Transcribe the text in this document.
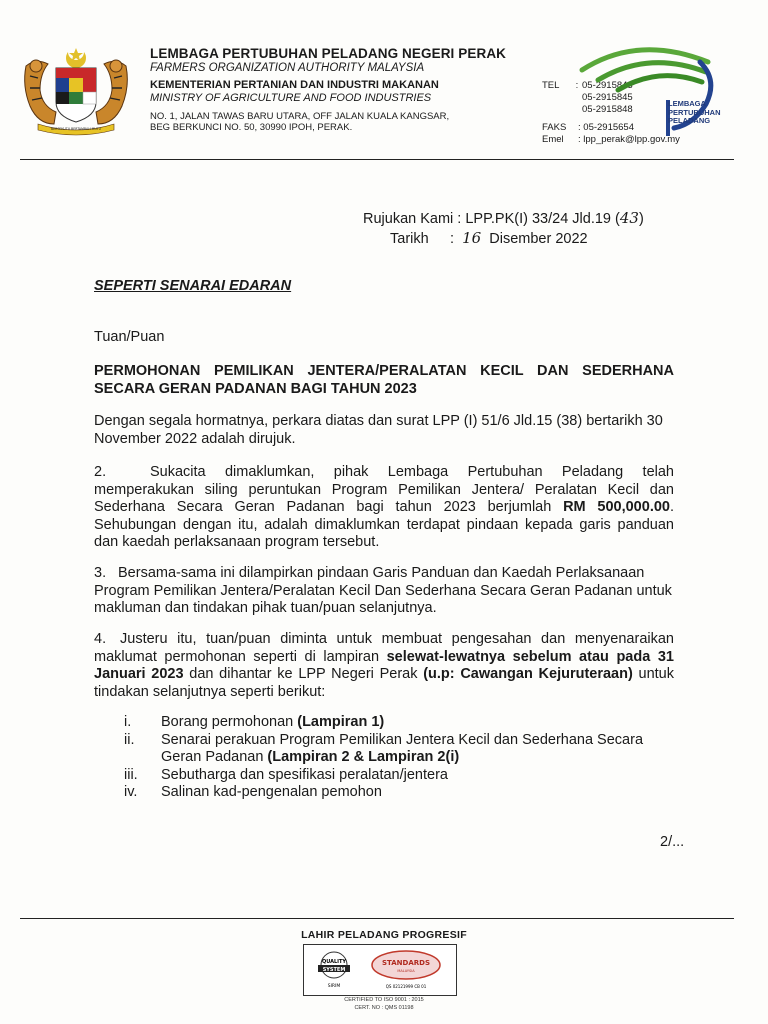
BERSEKUTU BERTAMBAH MUTU
LEMBAGA PERTUBUHAN PELADANG NEGERI PERAK
FARMERS ORGANIZATION AUTHORITY MALAYSIA
KEMENTERIAN PERTANIAN DAN INDUSTRI MAKANAN
MINISTRY OF AGRICULTURE AND FOOD INDUSTRIES
NO. 1, JALAN TAWAS BARU UTARA, OFF JALAN KUALA KANGSAR,
BEG BERKUNCI NO. 50, 30990 IPOH, PERAK.
TEL	: 05-2915843
05-2915845
05-2915848
FAKS	: 05-2915654
Emel	: lpp_perak@lpp.gov.my
LEMBAGA
PERTUBUHAN
PELADANG
Rujukan Kami : LPP.PK(I) 33/24 Jld.19 (43)
Tarikh : 16 Disember 2022
SEPERTI SENARAI EDARAN
Tuan/Puan
PERMOHONAN PEMILIKAN JENTERA/PERALATAN KECIL DAN SEDERHANA SECARA GERAN PADANAN BAGI TAHUN 2023
Dengan segala hormatnya, perkara diatas dan surat LPP (I) 51/6 Jld.15 (38) bertarikh 30 November 2022 adalah dirujuk.
2.	Sukacita dimaklumkan, pihak Lembaga Pertubuhan Peladang telah memperakukan siling peruntukan Program Pemilikan Jentera/ Peralatan Kecil dan Sederhana Secara Geran Padanan bagi tahun 2023 berjumlah RM 500,000.00. Sehubungan dengan itu, adalah dimaklumkan terdapat pindaan kepada garis panduan dan kaedah perlaksanaan program tersebut.
3. Bersama-sama ini dilampirkan pindaan Garis Panduan dan Kaedah Perlaksanaan Program Pemilikan Jentera/Peralatan Kecil Dan Sederhana Secara Geran Padanan untuk makluman dan tindakan pihak tuan/puan selanjutnya.
4. Justeru itu, tuan/puan diminta untuk membuat pengesahan dan menyenaraikan maklumat permohonan seperti di lampiran selewat-lewatnya sebelum atau pada 31 Januari 2023 dan dihantar ke LPP Negeri Perak (u.p: Cawangan Kejuruteraan) untuk tindakan selanjutnya seperti berikut:
i.	Borang permohonan (Lampiran 1)
ii.	Senarai perakuan Program Pemilikan Jentera Kecil dan Sederhana Secara Geran Padanan (Lampiran 2 & Lampiran 2(i)
iii.	Sebutharga dan spesifikasi peralatan/jentera
iv.	Salinan kad-pengenalan pemohon
2/...
LAHIR PELADANG PROGRESIF
QUALITY
SYSTEM
SIRIM
STANDARDS
MALAYSIA
QS 02121999 CB 01
CERTIFIED TO ISO 9001 : 2015
CERT. NO : QMS 01198
